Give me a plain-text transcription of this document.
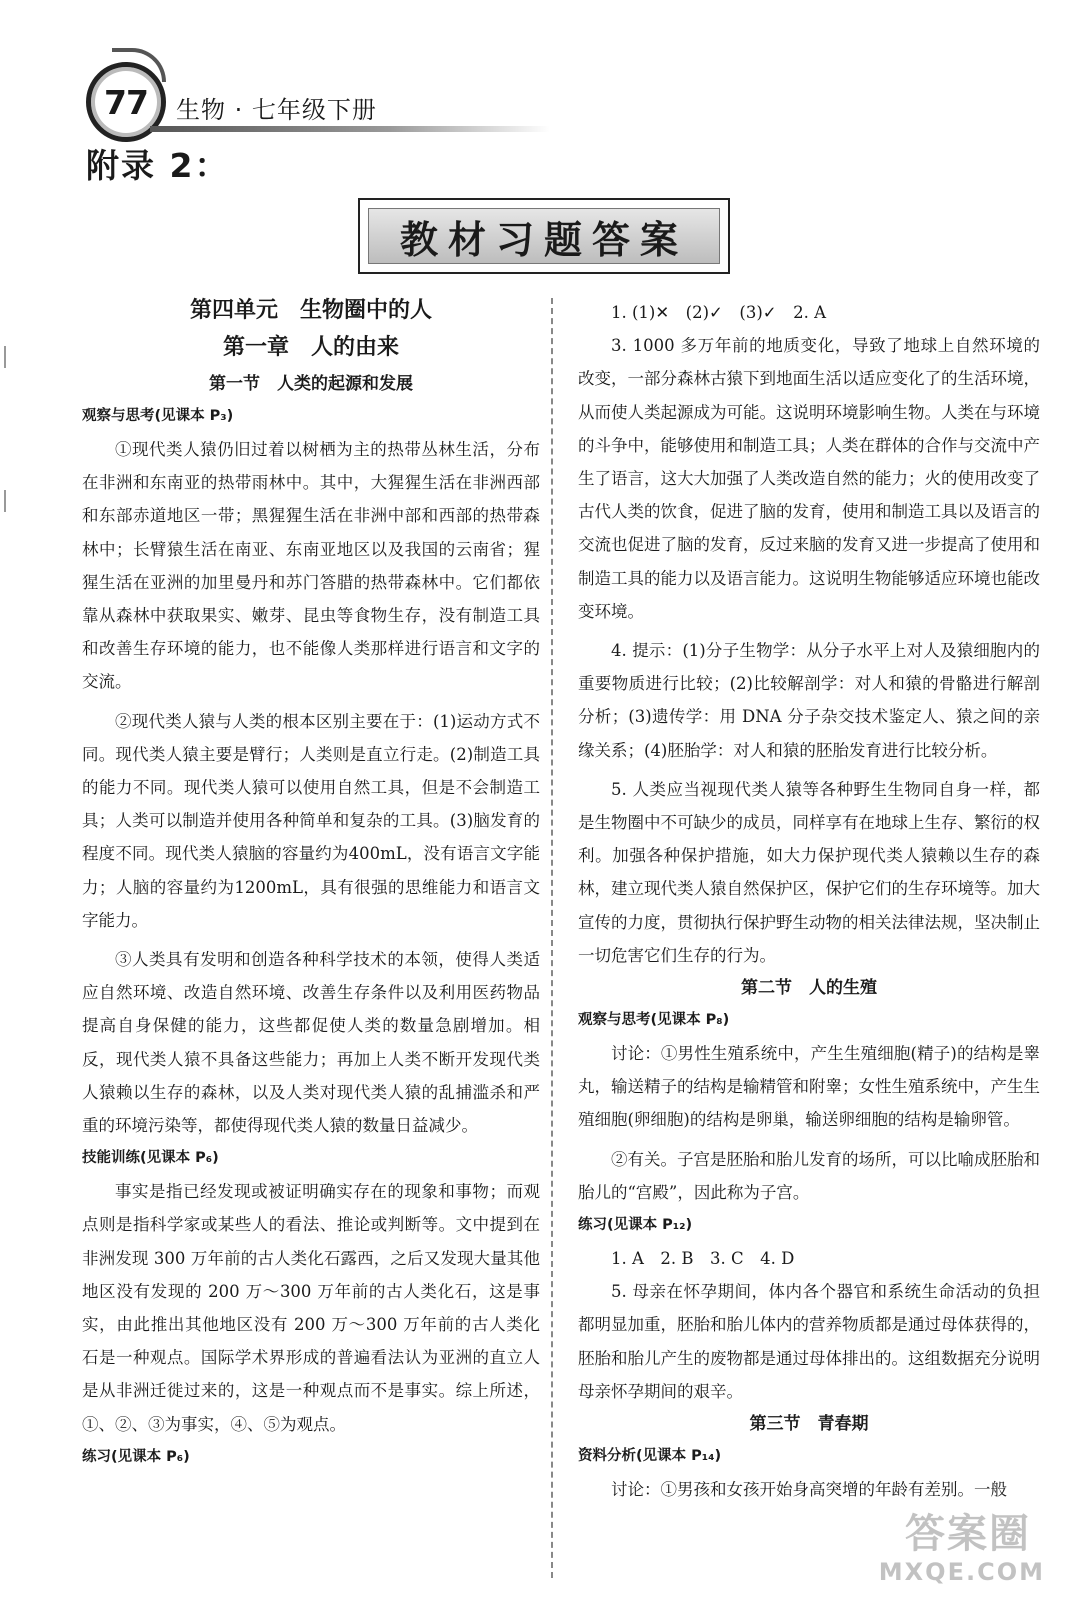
77	生物 · 七年级下册
附录 2：
教材习题答案
第四单元　生物圈中的人
第一章　人的由来
第一节　人类的起源和发展
观察与思考(见课本 P₃)

①现代类人猿仍旧过着以树栖为主的热带丛林生活，分布在非洲和东南亚的热带雨林中。其中，大猩猩生活在非洲西部和东部赤道地区一带；黑猩猩生活在非洲中部和西部的热带森林中；长臂猿生活在南亚、东南亚地区以及我国的云南省；猩猩生活在亚洲的加里曼丹和苏门答腊的热带森林中。它们都依靠从森林中获取果实、嫩芽、昆虫等食物生存，没有制造工具和改善生存环境的能力，也不能像人类那样进行语言和文字的交流。

②现代类人猿与人类的根本区别主要在于：(1)运动方式不同。现代类人猿主要是臂行；人类则是直立行走。(2)制造工具的能力不同。现代类人猿可以使用自然工具，但是不会制造工具；人类可以制造并使用各种简单和复杂的工具。(3)脑发育的程度不同。现代类人猿脑的容量约为400mL，没有语言文字能力；人脑的容量约为1200mL，具有很强的思维能力和语言文字能力。

③人类具有发明和创造各种科学技术的本领，使得人类适应自然环境、改造自然环境、改善生存条件以及利用医药物品提高自身保健的能力，这些都促使人类的数量急剧增加。相反，现代类人猿不具备这些能力；再加上人类不断开发现代类人猿赖以生存的森林，以及人类对现代类人猿的乱捕滥杀和严重的环境污染等，都使得现代类人猿的数量日益减少。

技能训练(见课本 P₆)

事实是指已经发现或被证明确实存在的现象和事物；而观点则是指科学家或某些人的看法、推论或判断等。文中提到在非洲发现 300 万年前的古人类化石露西，之后又发现大量其他地区没有发现的 200 万～300 万年前的古人类化石，这是事实，由此推出其他地区没有 200 万～300 万年前的古人类化石是一种观点。国际学术界形成的普遍看法认为亚洲的直立人是从非洲迁徙过来的，这是一种观点而不是事实。综上所述，①、②、③为事实，④、⑤为观点。

练习(见课本 P₆)

1. (1)✕　(2)✓　(3)✓　2. A

3. 1000 多万年前的地质变化，导致了地球上自然环境的改变，一部分森林古猿下到地面生活以适应变化了的生活环境，从而使人类起源成为可能。这说明环境影响生物。人类在与环境的斗争中，能够使用和制造工具；人类在群体的合作与交流中产生了语言，这大大加强了人类改造自然的能力；火的使用改变了古代人类的饮食，促进了脑的发育，使用和制造工具以及语言的交流也促进了脑的发育，反过来脑的发育又进一步提高了使用和制造工具的能力以及语言能力。这说明生物能够适应环境也能改变环境。

4. 提示：(1)分子生物学：从分子水平上对人及猿细胞内的重要物质进行比较；(2)比较解剖学：对人和猿的骨骼进行解剖分析；(3)遗传学：用 DNA 分子杂交技术鉴定人、猿之间的亲缘关系；(4)胚胎学：对人和猿的胚胎发育进行比较分析。

5. 人类应当视现代类人猿等各种野生生物同自身一样，都是生物圈中不可缺少的成员，同样享有在地球上生存、繁衍的权利。加强各种保护措施，如大力保护现代类人猿赖以生存的森林，建立现代类人猿自然保护区，保护它们的生存环境等。加大宣传的力度，贯彻执行保护野生动物的相关法律法规，坚决制止一切危害它们生存的行为。

第二节　人的生殖
观察与思考(见课本 P₈)

讨论：①男性生殖系统中，产生生殖细胞(精子)的结构是睾丸，输送精子的结构是输精管和附睾；女性生殖系统中，产生生殖细胞(卵细胞)的结构是卵巢，输送卵细胞的结构是输卵管。

②有关。子宫是胚胎和胎儿发育的场所，可以比喻成胚胎和胎儿的“宫殿”，因此称为子宫。

练习(见课本 P₁₂)

1. A　2. B　3. C　4. D

5. 母亲在怀孕期间，体内各个器官和系统生命活动的负担都明显加重，胚胎和胎儿体内的营养物质都是通过母体获得的，胚胎和胎儿产生的废物都是通过母体排出的。这组数据充分说明母亲怀孕期间的艰辛。

第三节　青春期
资料分析(见课本 P₁₄)

讨论：①男孩和女孩开始身高突增的年龄有差别。一般

答案圈
MXQE.COM
